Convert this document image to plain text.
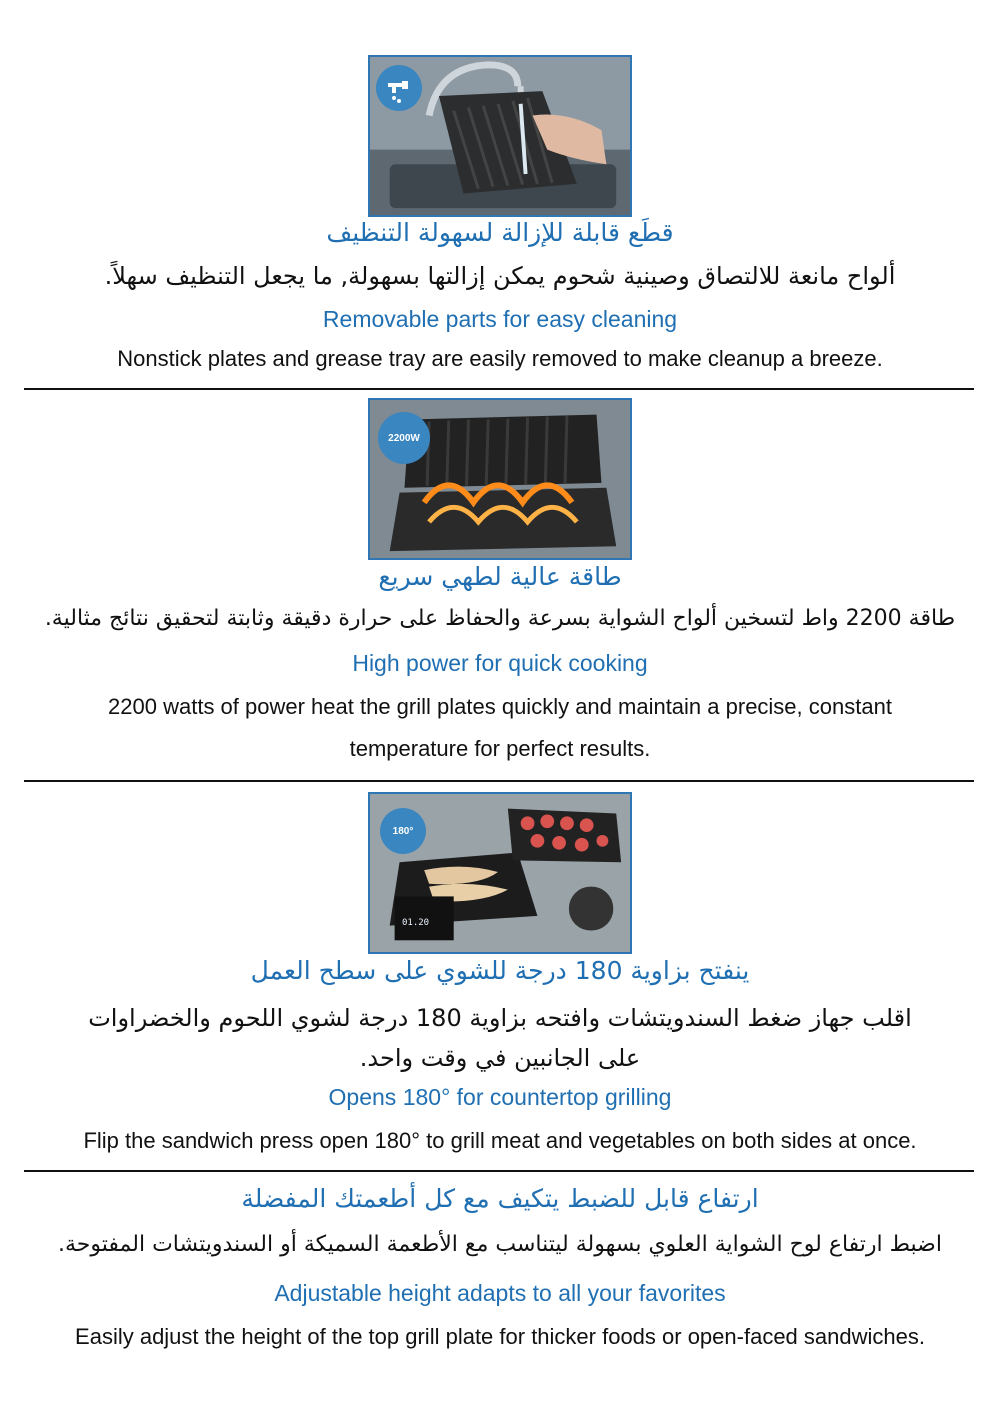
قطَع قابلة للإزالة لسهولة التنظيف
ألواح مانعة للالتصاق وصينية شحوم يمكن إزالتها بسهولة, ما يجعل التنظيف سهلاً.
Removable parts for easy cleaning
Nonstick plates and grease tray are easily removed to make cleanup a breeze.
2200W
طاقة عالية لطهي سريع
طاقة 2200 واط لتسخين ألواح الشواية بسرعة والحفاظ على حرارة دقيقة وثابتة لتحقيق نتائج مثالية.
High power for quick cooking
2200 watts of power heat the grill plates quickly and maintain a precise, constant
temperature for perfect results.
180°
01.20
ينفتح بزاوية 180 درجة للشوي على سطح العمل
اقلب جهاز ضغط السندويتشات وافتحه بزاوية 180 درجة لشوي اللحوم والخضراوات
على الجانبين في وقت واحد.
Opens 180° for countertop grilling
Flip the sandwich press open 180° to grill meat and vegetables on both sides at once.
ارتفاع قابل للضبط يتكيف مع كل أطعمتك المفضلة
اضبط ارتفاع لوح الشواية العلوي بسهولة ليتناسب مع الأطعمة السميكة أو السندويتشات المفتوحة.
Adjustable height adapts to all your favorites
Easily adjust the height of the top grill plate for thicker foods or open-faced sandwiches.
